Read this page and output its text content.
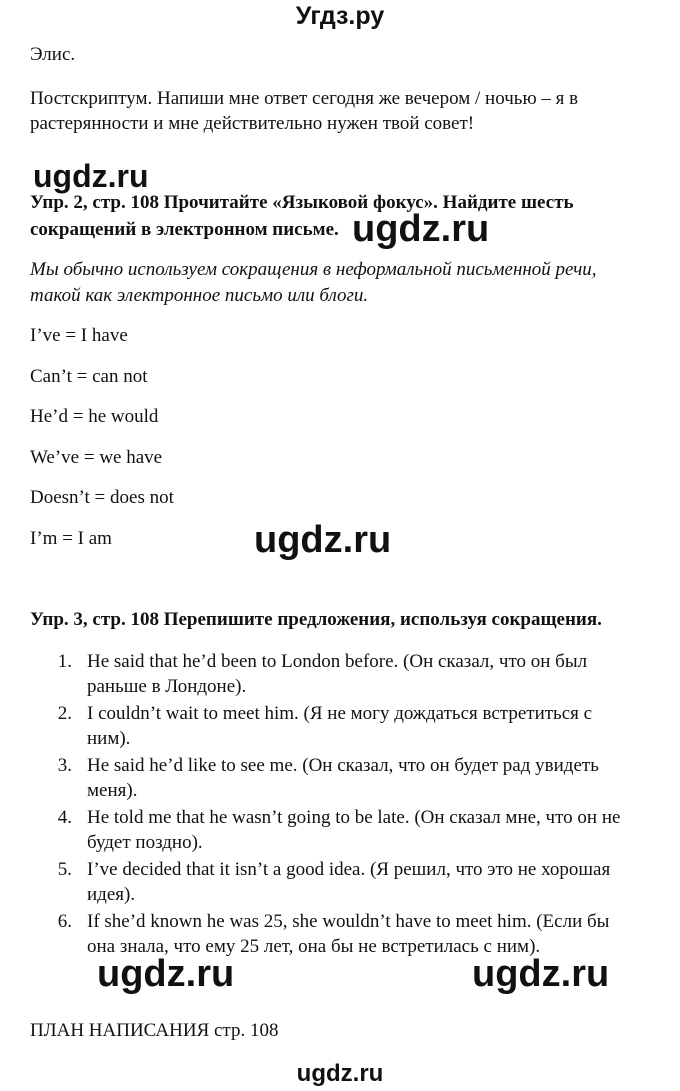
Угдз.ру
Элис.
Постскриптум. Напиши мне ответ сегодня же вечером / ночью – я в
растерянности и мне действительно нужен твой совет!
ugdz.ru
Упр. 2, стр. 108 Прочитайте «Языковой фокус». Найдите шесть
сокращений в электронном письме. ugdz.ru
Мы обычно используем сокращения в неформальной письменной речи,
такой как электронное письмо или блоги.
I’ve = I have
Can’t = can not
He’d = he would
We’ve = we have
Doesn’t = does not
I’m = I am	ugdz.ru
Упр. 3, стр. 108 Перепишите предложения, используя сокращения.
1. He said that he’d been to London before. (Он сказал, что он был
раньше в Лондоне).
2. I couldn’t wait to meet him. (Я не могу дождаться встретиться с
ним).
3. He said he’d like to see me. (Он сказал, что он будет рад увидеть
меня).
4. He told me that he wasn’t going to be late. (Он сказал мне, что он не
будет поздно).
5. I’ve decided that it isn’t a good idea. (Я решил, что это не хорошая
идея).
6. If she’d known he was 25, she wouldn’t have to meet him. (Если бы
она знала, что ему 25 лет, она бы не встретилась с ним).
ugdz.ru	ugdz.ru
ПЛАН НАПИСАНИЯ стр. 108
ugdz.ru
